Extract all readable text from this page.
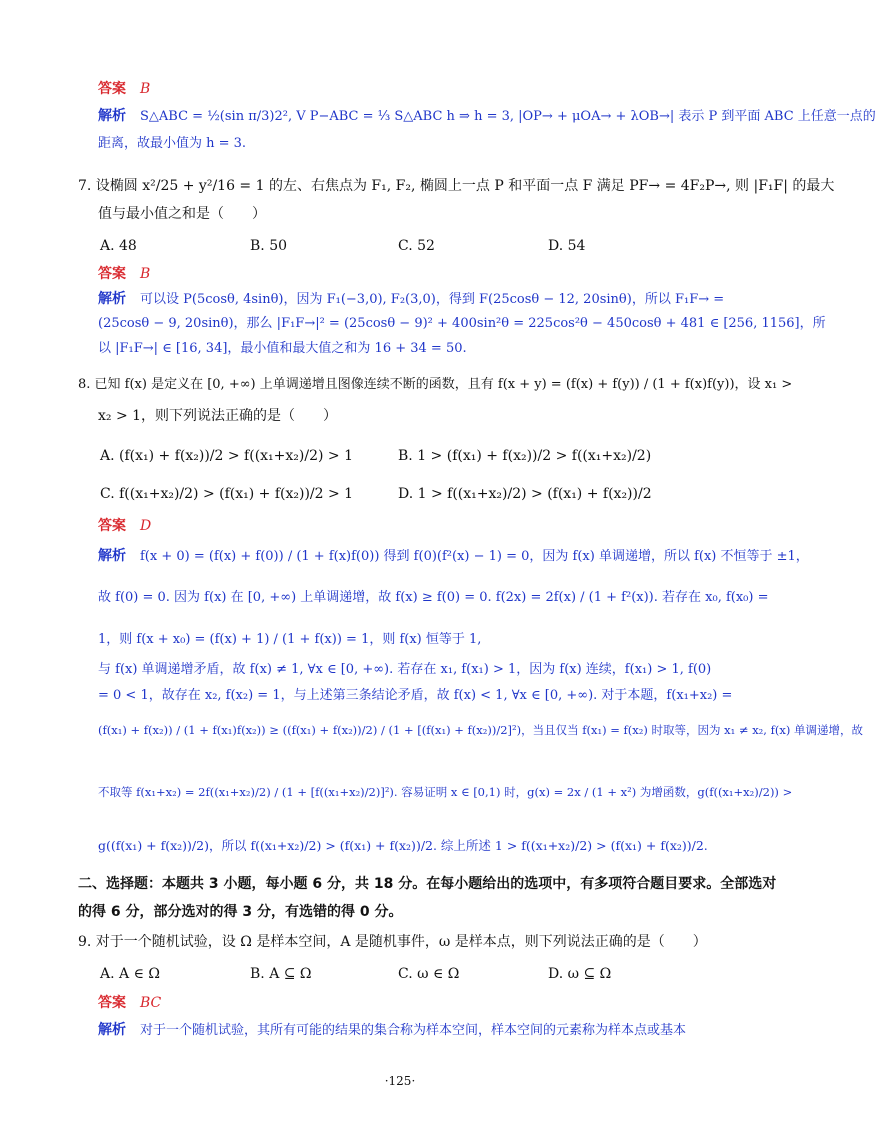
答案 B
解析 S△ABC = ½(sin π/3)2², V P−ABC = ⅓ S△ABC h ⇒ h = 3, |OP→ + μOA→ + λOB→| 表示 P 到平面 ABC 上任意一点的
距离，故最小值为 h = 3.
7. 设椭圆 x²/25 + y²/16 = 1 的左、右焦点为 F₁, F₂, 椭圆上一点 P 和平面一点 F 满足 PF→ = 4F₂P→, 则 |F₁F| 的最大
值与最小值之和是（　　）
A. 48	B. 50	C. 52	D. 54
答案 B
解析 可以设 P(5cosθ, 4sinθ)，因为 F₁(−3,0), F₂(3,0)，得到 F(25cosθ − 12, 20sinθ)，所以 F₁F→ =
(25cosθ − 9, 20sinθ)，那么 |F₁F→|² = (25cosθ − 9)² + 400sin²θ = 225cos²θ − 450cosθ + 481 ∈ [256, 1156]，所
以 |F₁F→| ∈ [16, 34]，最小值和最大值之和为 16 + 34 = 50.
8. 已知 f(x) 是定义在 [0, +∞) 上单调递增且图像连续不断的函数，且有 f(x + y) = (f(x) + f(y)) / (1 + f(x)f(y))，设 x₁ >
x₂ > 1，则下列说法正确的是（　　）
A. (f(x₁) + f(x₂))/2 > f((x₁+x₂)/2) > 1	B. 1 > (f(x₁) + f(x₂))/2 > f((x₁+x₂)/2)
C. f((x₁+x₂)/2) > (f(x₁) + f(x₂))/2 > 1	D. 1 > f((x₁+x₂)/2) > (f(x₁) + f(x₂))/2
答案 D
解析 f(x + 0) = (f(x) + f(0)) / (1 + f(x)f(0)) 得到 f(0)(f²(x) − 1) = 0，因为 f(x) 单调递增，所以 f(x) 不恒等于 ±1，
故 f(0) = 0. 因为 f(x) 在 [0, +∞) 上单调递增，故 f(x) ≥ f(0) = 0. f(2x) = 2f(x) / (1 + f²(x)). 若存在 x₀, f(x₀) =
1，则 f(x + x₀) = (f(x) + 1) / (1 + f(x)) = 1，则 f(x) 恒等于 1,
与 f(x) 单调递增矛盾，故 f(x) ≠ 1, ∀x ∈ [0, +∞). 若存在 x₁, f(x₁) > 1，因为 f(x) 连续，f(x₁) > 1, f(0)
= 0 < 1，故存在 x₂, f(x₂) = 1，与上述第三条结论矛盾，故 f(x) < 1, ∀x ∈ [0, +∞). 对于本题，f(x₁+x₂) =
(f(x₁) + f(x₂)) / (1 + f(x₁)f(x₂)) ≥ ((f(x₁) + f(x₂))/2) / (1 + [(f(x₁) + f(x₂))/2]²)，当且仅当 f(x₁) = f(x₂) 时取等，因为 x₁ ≠ x₂, f(x) 单调递增，故
不取等 f(x₁+x₂) = 2f((x₁+x₂)/2) / (1 + [f((x₁+x₂)/2)]²). 容易证明 x ∈ [0,1) 时，g(x) = 2x / (1 + x²) 为增函数，g(f((x₁+x₂)/2)) >
g((f(x₁) + f(x₂))/2)，所以 f((x₁+x₂)/2) > (f(x₁) + f(x₂))/2. 综上所述 1 > f((x₁+x₂)/2) > (f(x₁) + f(x₂))/2.
二、选择题：本题共 3 小题，每小题 6 分，共 18 分。在每小题给出的选项中，有多项符合题目要求。全部选对
的得 6 分，部分选对的得 3 分，有选错的得 0 分。
9. 对于一个随机试验，设 Ω 是样本空间，A 是随机事件，ω 是样本点，则下列说法正确的是（　　）
A. A ∈ Ω	B. A ⊆ Ω	C. ω ∈ Ω	D. ω ⊆ Ω
答案 BC
解析 对于一个随机试验，其所有可能的结果的集合称为样本空间，样本空间的元素称为样本点或基本
·125·
